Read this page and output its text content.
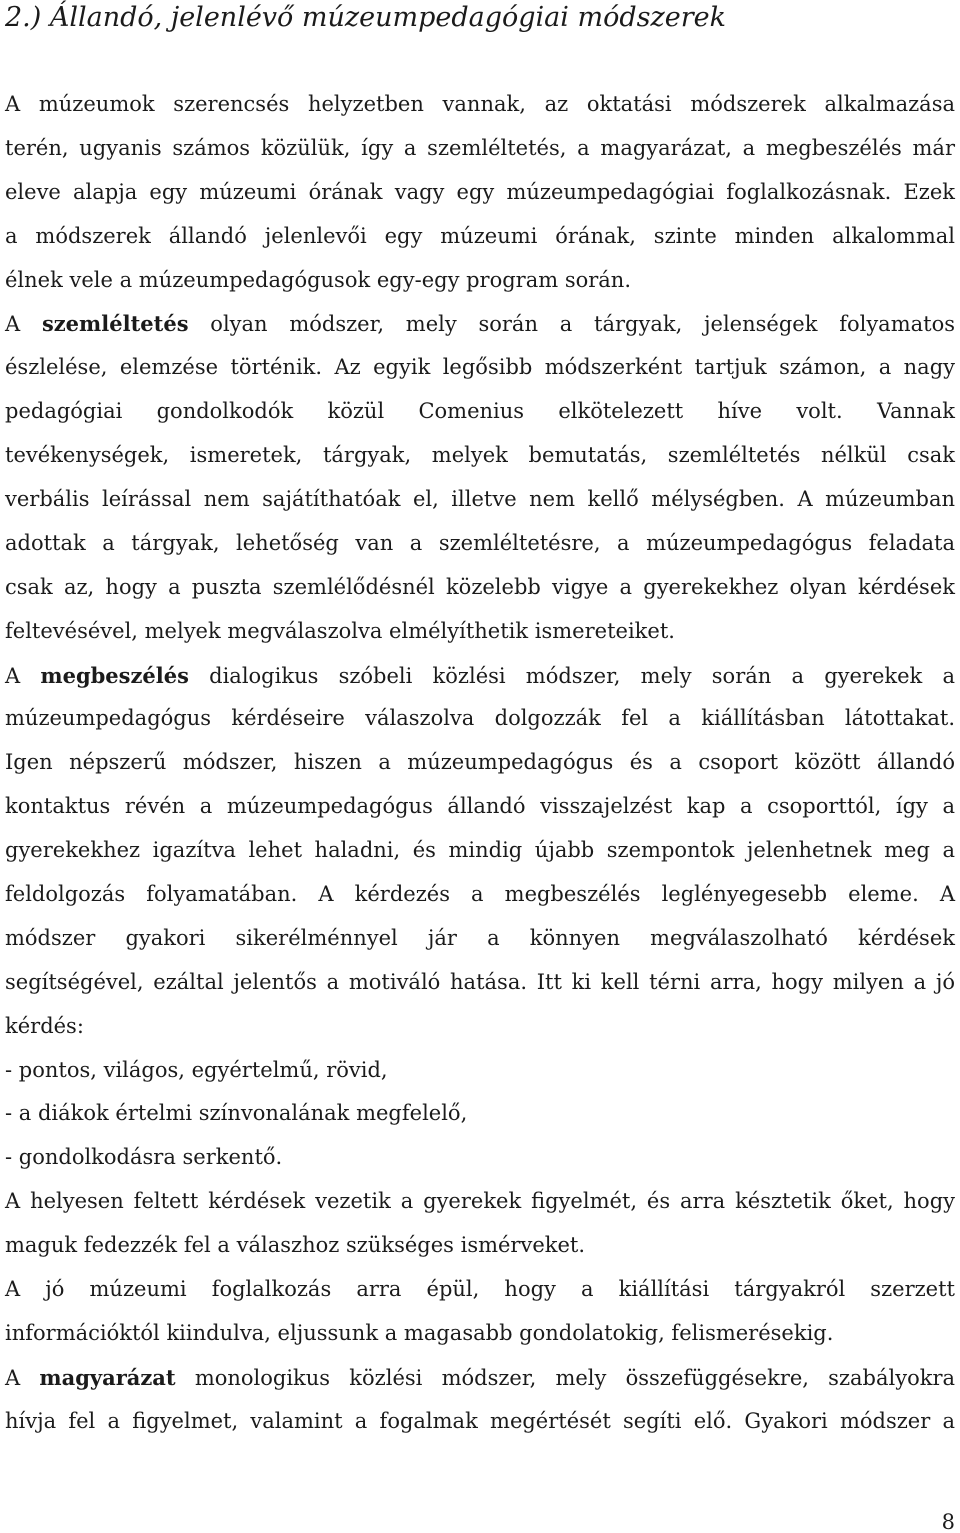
2.) Állandó, jelenlévő múzeumpedagógiai módszerek
A múzeumok szerencsés helyzetben vannak, az oktatási módszerek alkalmazása
terén, ugyanis számos közülük, így a szemléltetés, a magyarázat, a megbeszélés már
eleve alapja egy múzeumi órának vagy egy múzeumpedagógiai foglalkozásnak. Ezek
a módszerek állandó jelenlevői egy múzeumi órának, szinte minden alkalommal
élnek vele a múzeumpedagógusok egy-egy program során.
A szemléltetés olyan módszer, mely során a tárgyak, jelenségek folyamatos
észlelése, elemzése történik. Az egyik legősibb módszerként tartjuk számon, a nagy
pedagógiai gondolkodók közül Comenius elkötelezett híve volt. Vannak
tevékenységek, ismeretek, tárgyak, melyek bemutatás, szemléltetés nélkül csak
verbális leírással nem sajátíthatóak el, illetve nem kellő mélységben. A múzeumban
adottak a tárgyak, lehetőség van a szemléltetésre, a múzeumpedagógus feladata
csak az, hogy a puszta szemlélődésnél közelebb vigye a gyerekekhez olyan kérdések
feltevésével, melyek megválaszolva elmélyíthetik ismereteiket.
A megbeszélés dialogikus szóbeli közlési módszer, mely során a gyerekek a
múzeumpedagógus kérdéseire válaszolva dolgozzák fel a kiállításban látottakat.
Igen népszerű módszer, hiszen a múzeumpedagógus és a csoport között állandó
kontaktus révén a múzeumpedagógus állandó visszajelzést kap a csoporttól, így a
gyerekekhez igazítva lehet haladni, és mindig újabb szempontok jelenhetnek meg a
feldolgozás folyamatában. A kérdezés a megbeszélés leglényegesebb eleme. A
módszer gyakori sikerélménnyel jár a könnyen megválaszolható kérdések
segítségével, ezáltal jelentős a motiváló hatása. Itt ki kell térni arra, hogy milyen a jó
kérdés:
- pontos, világos, egyértelmű, rövid,
- a diákok értelmi színvonalának megfelelő,
- gondolkodásra serkentő.
A helyesen feltett kérdések vezetik a gyerekek figyelmét, és arra késztetik őket, hogy
maguk fedezzék fel a válaszhoz szükséges ismérveket.
A jó múzeumi foglalkozás arra épül, hogy a kiállítási tárgyakról szerzett
információktól kiindulva, eljussunk a magasabb gondolatokig, felismerésekig.
A magyarázat monologikus közlési módszer, mely összefüggésekre, szabályokra
hívja fel a figyelmet, valamint a fogalmak megértését segíti elő. Gyakori módszer a
8
